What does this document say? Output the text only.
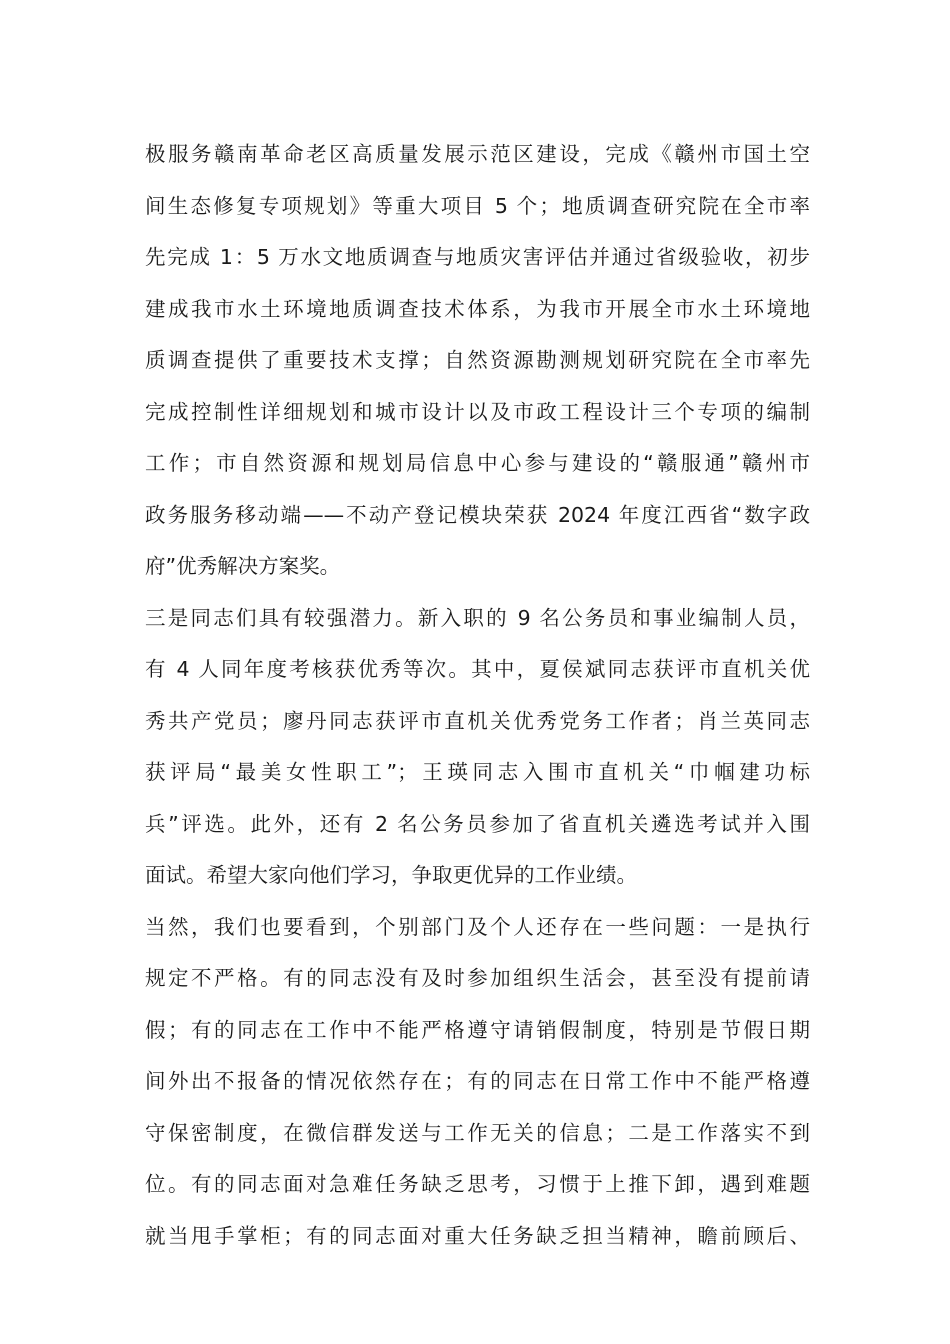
极服务赣南革命老区高质量发展示范区建设，完成《赣州市国土空
间生态修复专项规划》等重大项目 5 个；地质调查研究院在全市率
先完成 1：5 万水文地质调查与地质灾害评估并通过省级验收，初步
建成我市水土环境地质调查技术体系，为我市开展全市水土环境地
质调查提供了重要技术支撑；自然资源勘测规划研究院在全市率先
完成控制性详细规划和城市设计以及市政工程设计三个专项的编制
工作；市自然资源和规划局信息中心参与建设的“赣服通”赣州市
政务服务移动端——不动产登记模块荣获 2024 年度江西省“数字政
府”优秀解决方案奖。
三是同志们具有较强潜力。新入职的 9 名公务员和事业编制人员，
有 4 人同年度考核获优秀等次。其中，夏侯斌同志获评市直机关优
秀共产党员；廖丹同志获评市直机关优秀党务工作者；肖兰英同志
获评局“最美女性职工”；王瑛同志入围市直机关“巾帼建功标
兵”评选。此外，还有 2 名公务员参加了省直机关遴选考试并入围
面试。希望大家向他们学习，争取更优异的工作业绩。
当然，我们也要看到，个别部门及个人还存在一些问题：一是执行
规定不严格。有的同志没有及时参加组织生活会，甚至没有提前请
假；有的同志在工作中不能严格遵守请销假制度，特别是节假日期
间外出不报备的情况依然存在；有的同志在日常工作中不能严格遵
守保密制度，在微信群发送与工作无关的信息；二是工作落实不到
位。有的同志面对急难任务缺乏思考，习惯于上推下卸，遇到难题
就当甩手掌柜；有的同志面对重大任务缺乏担当精神，瞻前顾后、
